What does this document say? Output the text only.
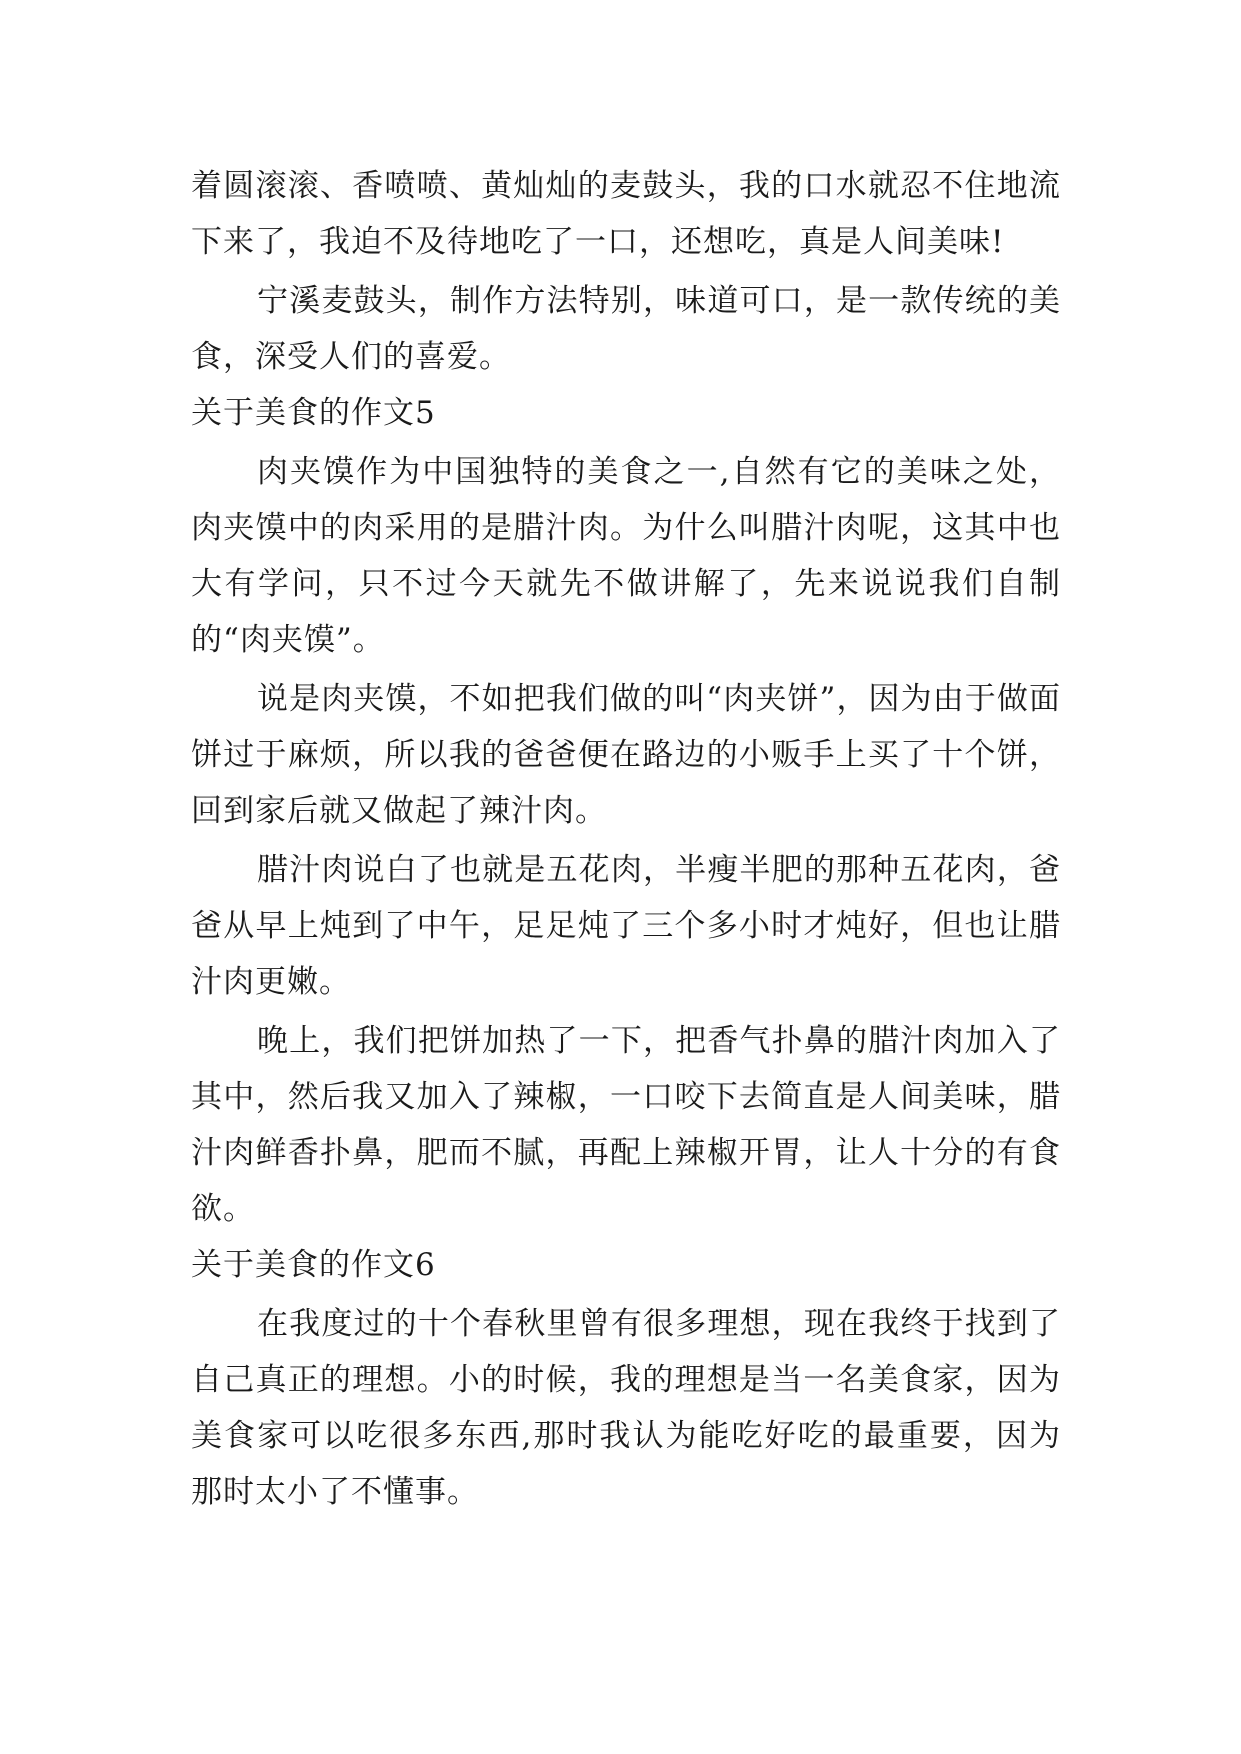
着圆滚滚、香喷喷、黄灿灿的麦鼓头，我的口水就忍不住地流下来了，我迫不及待地吃了一口，还想吃，真是人间美味!

宁溪麦鼓头，制作方法特别，味道可口，是一款传统的美食，深受人们的喜爱。

关于美食的作文5

肉夹馍作为中国独特的美食之一,自然有它的美味之处，肉夹馍中的肉采用的是腊汁肉。为什么叫腊汁肉呢，这其中也大有学问，只不过今天就先不做讲解了，先来说说我们自制的“肉夹馍”。

说是肉夹馍，不如把我们做的叫“肉夹饼”，因为由于做面饼过于麻烦，所以我的爸爸便在路边的小贩手上买了十个饼，回到家后就又做起了辣汁肉。

腊汁肉说白了也就是五花肉，半瘦半肥的那种五花肉，爸爸从早上炖到了中午，足足炖了三个多小时才炖好，但也让腊汁肉更嫩。

晚上，我们把饼加热了一下，把香气扑鼻的腊汁肉加入了其中，然后我又加入了辣椒，一口咬下去简直是人间美味，腊汁肉鲜香扑鼻，肥而不腻，再配上辣椒开胃，让人十分的有食欲。

关于美食的作文6

在我度过的十个春秋里曾有很多理想，现在我终于找到了自己真正的理想。小的时候，我的理想是当一名美食家，因为美食家可以吃很多东西,那时我认为能吃好吃的最重要，因为那时太小了不懂事。
